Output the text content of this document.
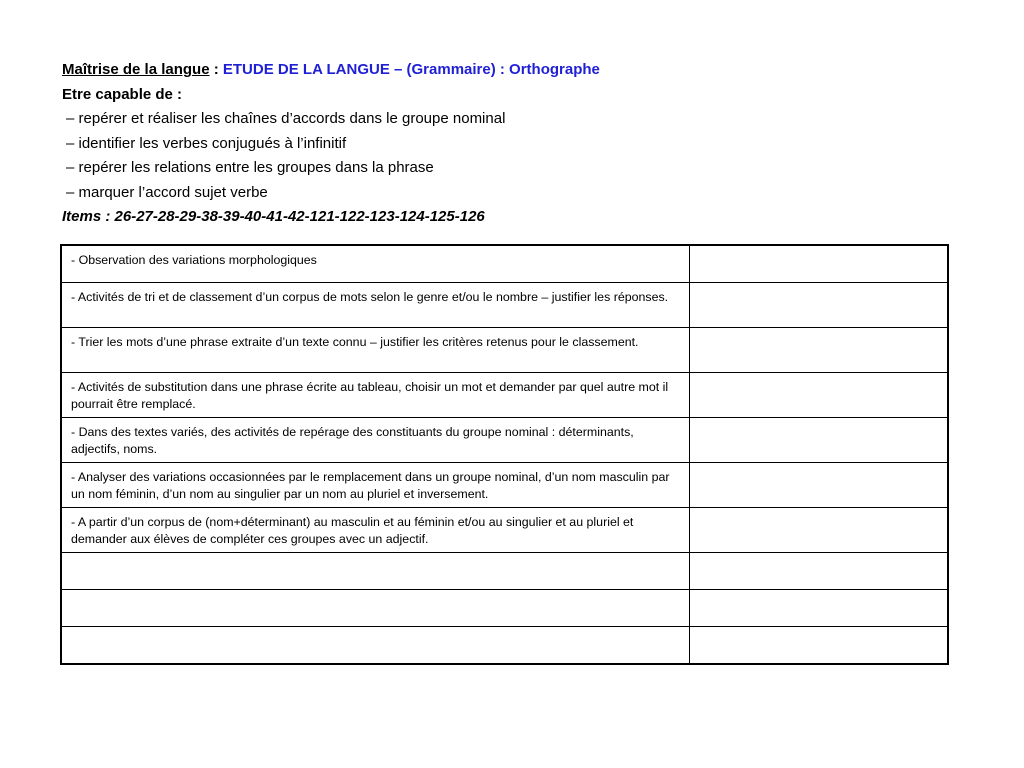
Maîtrise de la langue : ETUDE DE LA LANGUE – (Grammaire) : Orthographe
Etre capable de :
– repérer et réaliser les chaînes d’accords dans le groupe nominal
– identifier les verbes conjugués à l’infinitif
– repérer les relations entre les groupes dans la phrase
– marquer l’accord sujet verbe
Items : 26-27-28-29-38-39-40-41-42-121-122-123-124-125-126
- Observation des variations morphologiques	
- Activités de tri et de classement d’un corpus de mots selon le genre et/ou le nombre – justifier les réponses.	
- Trier les mots d’une phrase extraite d’un texte connu – justifier les critères retenus pour le classement.	
- Activités de substitution dans une phrase écrite au tableau, choisir un mot et demander par quel autre mot il pourrait être remplacé.	
- Dans des textes variés, des activités de repérage des constituants du groupe nominal : déterminants, adjectifs, noms.	
- Analyser des variations occasionnées par le remplacement dans un groupe nominal, d’un nom masculin par un nom féminin, d’un nom au singulier par un nom au pluriel et inversement.	
- A partir d’un corpus de (nom+déterminant) au masculin et au féminin et/ou au singulier et au pluriel et demander aux élèves de compléter ces groupes avec un adjectif.	
